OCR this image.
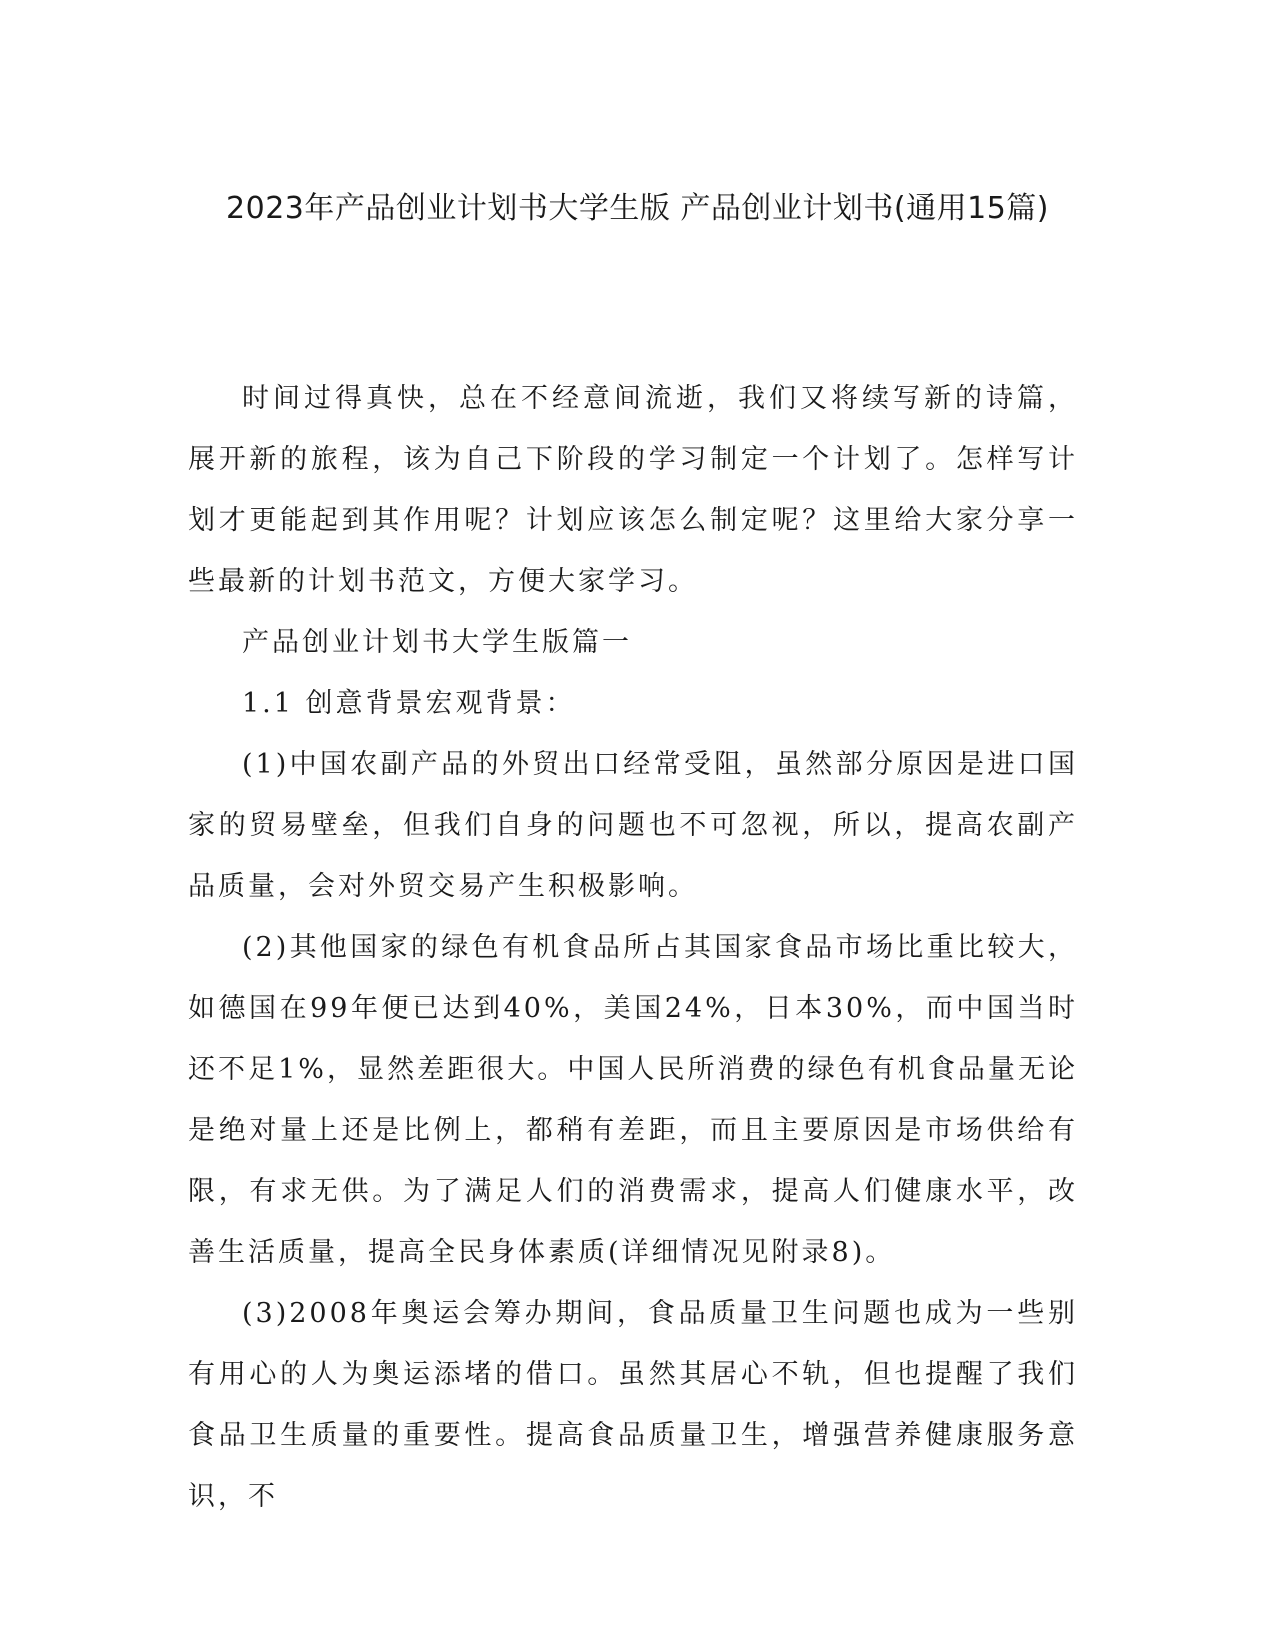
2023年产品创业计划书大学生版 产品创业计划书(通用15篇)

时间过得真快，总在不经意间流逝，我们又将续写新的诗篇，展开新的旅程，该为自己下阶段的学习制定一个计划了。怎样写计划才更能起到其作用呢？计划应该怎么制定呢？这里给大家分享一些最新的计划书范文，方便大家学习。

产品创业计划书大学生版篇一

1.1 创意背景宏观背景：

(1)中国农副产品的外贸出口经常受阻，虽然部分原因是进口国家的贸易壁垒，但我们自身的问题也不可忽视，所以，提高农副产品质量，会对外贸交易产生积极影响。

(2)其他国家的绿色有机食品所占其国家食品市场比重比较大，如德国在99年便已达到40%，美国24%，日本30%，而中国当时还不足1%，显然差距很大。中国人民所消费的绿色有机食品量无论是绝对量上还是比例上，都稍有差距，而且主要原因是市场供给有限，有求无供。为了满足人们的消费需求，提高人们健康水平，改善生活质量，提高全民身体素质(详细情况见附录8)。

(3)2008年奥运会筹办期间，食品质量卫生问题也成为一些别有用心的人为奥运添堵的借口。虽然其居心不轨，但也提醒了我们食品卫生质量的重要性。提高食品质量卫生，增强营养健康服务意识，不
